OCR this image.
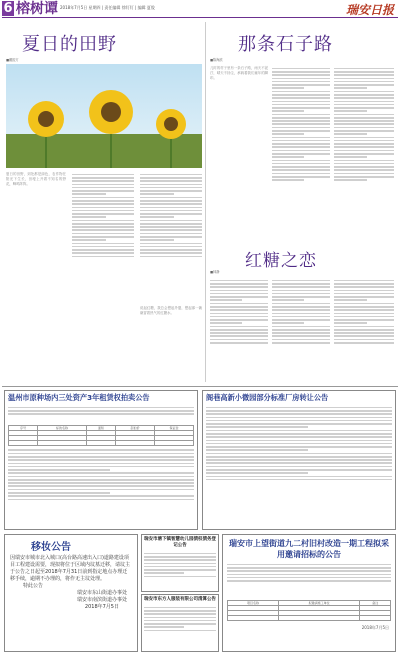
6 榕树谭 2018年7月5日 星期四 | 责任编辑 徐钉钉 | 编辑 夏俊	瑞安日报
夏日的田野
■戴振方
夏日的田野，到处都是绿色，农作物在阳光下生长，田埂上开着不知名的野花，蝉鸣阵阵。
那条石子路
■陈海滨
儿时的村子里有一条石子路，雨天不泥泞，晴天不扬尘，承载着我们童年的脚印。
红糖之恋
■林静
说起红糖，我总会想起外婆，想起那一碗碗冒着热气的红糖水。
温州市原种场内三处资产3年租赁权拍卖公告
序号	标的名称	面积	起拍价	保证金

阁巷高新小微园部分标准厂房转让公告
移妆公告
因瑞安市城市北入城口(高台路高速出入口)道路建设项目工程建设需要，现拟将位于区域内坟墓迁移，请坟主于公告之日起至2018年7月31日前到指定地点办理迁移手续，逾期不办理的，将作无主坟处理。
特此公告
瑞安市东山街道办事处
瑞安市南滨街道办事处
2018年7月5日
瑞安市塘下镇智慧幼儿园债权债务登记公告
瑞安市东方人服装有限公司清算公告
瑞安市上望街道九二村旧村改造一期工程拟采用邀请招标的公告
项目名称	拟邀请施工单位	备注

2018年7月5日
